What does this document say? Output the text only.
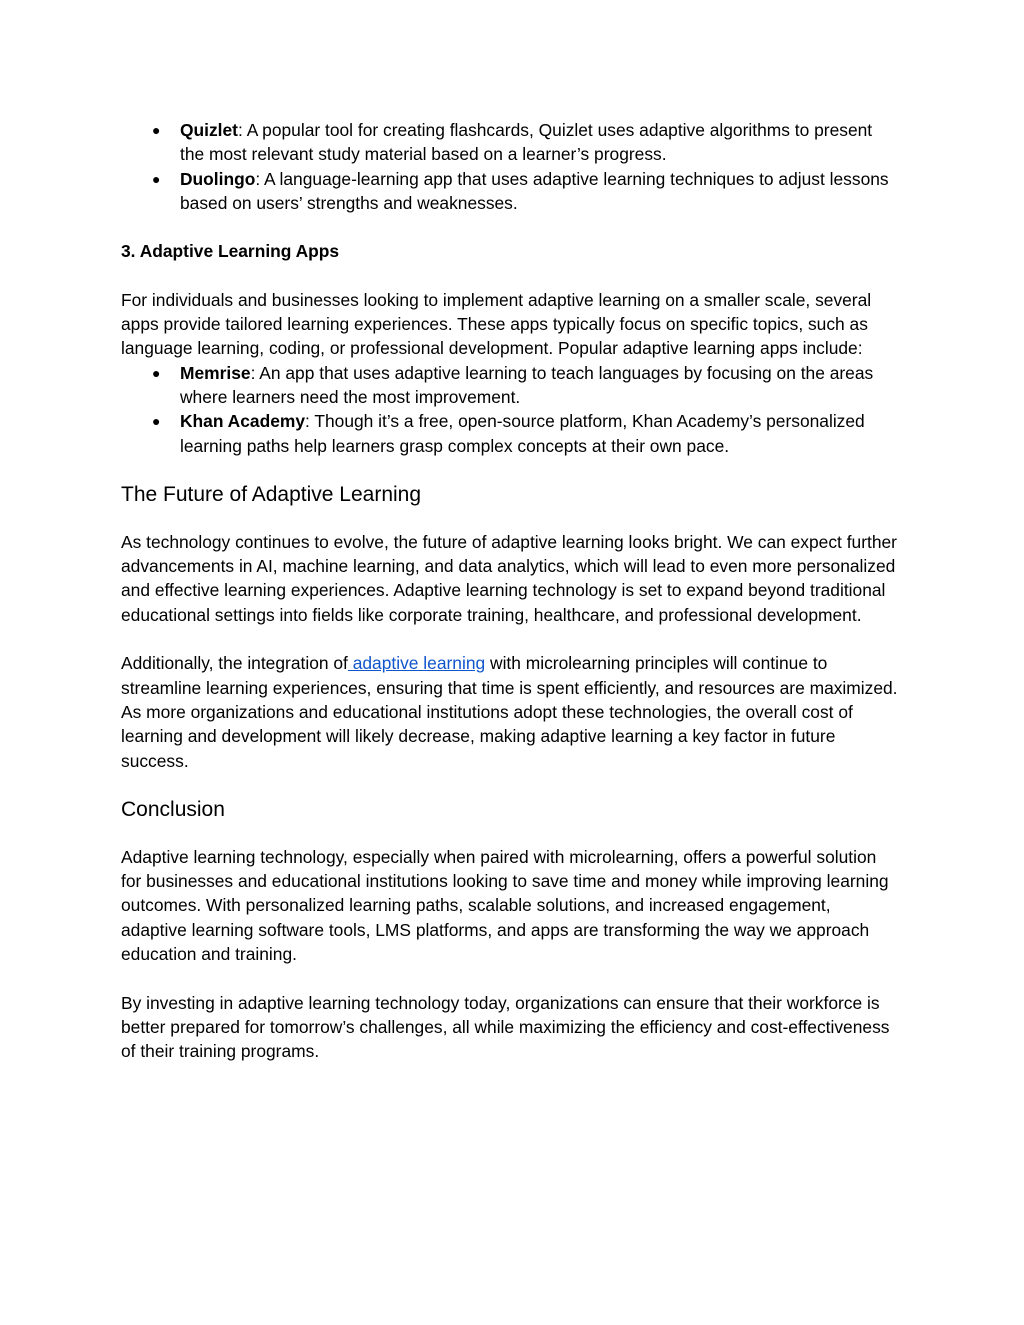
● Quizlet: A popular tool for creating flashcards, Quizlet uses adaptive algorithms to present the most relevant study material based on a learner’s progress.
● Duolingo: A language-learning app that uses adaptive learning techniques to adjust lessons based on users’ strengths and weaknesses.
3. Adaptive Learning Apps

For individuals and businesses looking to implement adaptive learning on a smaller scale, several apps provide tailored learning experiences. These apps typically focus on specific topics, such as language learning, coding, or professional development. Popular adaptive learning apps include:

● Memrise: An app that uses adaptive learning to teach languages by focusing on the areas where learners need the most improvement.
● Khan Academy: Though it’s a free, open-source platform, Khan Academy’s personalized learning paths help learners grasp complex concepts at their own pace.
The Future of Adaptive Learning

As technology continues to evolve, the future of adaptive learning looks bright. We can expect further advancements in AI, machine learning, and data analytics, which will lead to even more personalized and effective learning experiences. Adaptive learning technology is set to expand beyond traditional educational settings into fields like corporate training, healthcare, and professional development.

Additionally, the integration of adaptive learning with microlearning principles will continue to streamline learning experiences, ensuring that time is spent efficiently, and resources are maximized. As more organizations and educational institutions adopt these technologies, the overall cost of learning and development will likely decrease, making adaptive learning a key factor in future success.

Conclusion

Adaptive learning technology, especially when paired with microlearning, offers a powerful solution for businesses and educational institutions looking to save time and money while improving learning outcomes. With personalized learning paths, scalable solutions, and increased engagement, adaptive learning software tools, LMS platforms, and apps are transforming the way we approach education and training.

By investing in adaptive learning technology today, organizations can ensure that their workforce is better prepared for tomorrow’s challenges, all while maximizing the efficiency and cost-effectiveness of their training programs.
